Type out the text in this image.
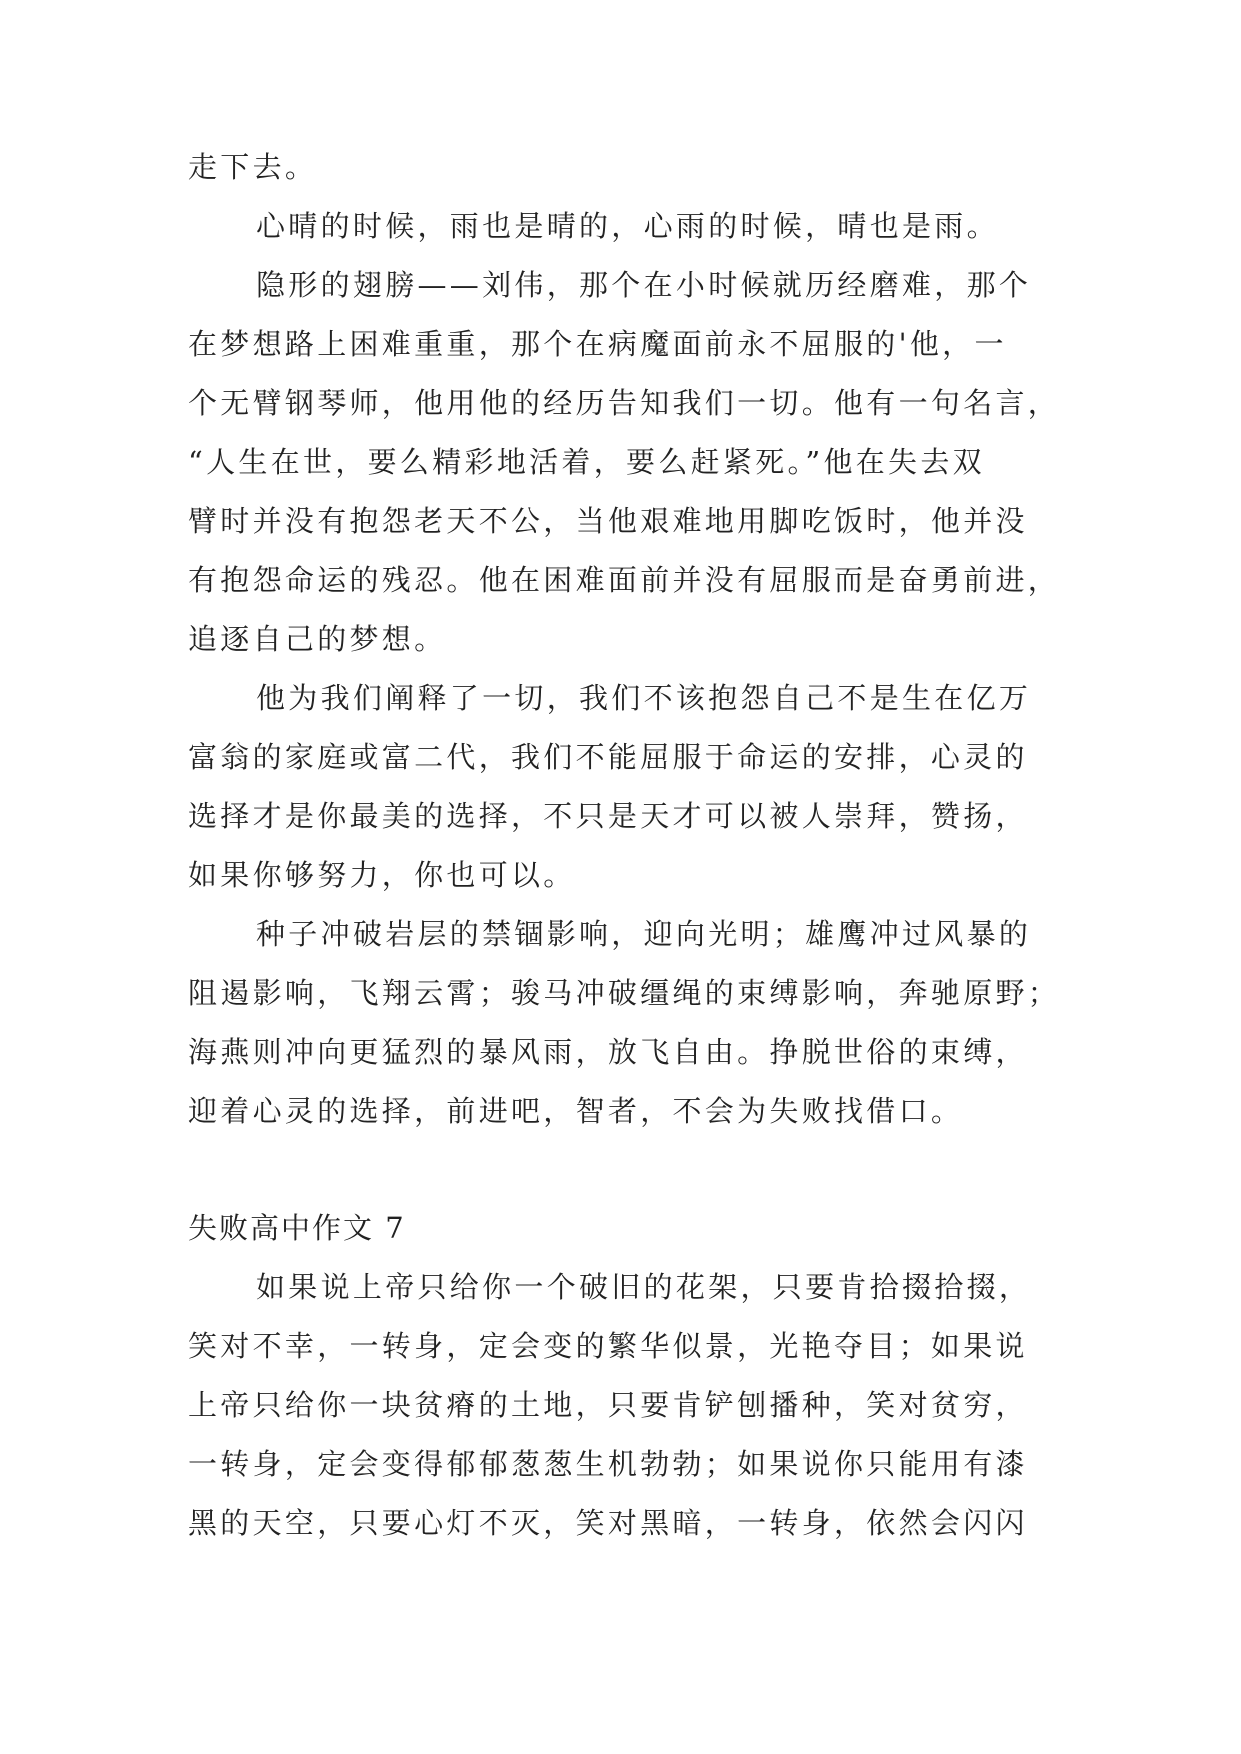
走下去。
心晴的时候，雨也是晴的，心雨的时候，晴也是雨。
隐形的翅膀——刘伟，那个在小时候就历经磨难，那个
在梦想路上困难重重，那个在病魔面前永不屈服的'他，一
个无臂钢琴师，他用他的经历告知我们一切。他有一句名言，
“人生在世，要么精彩地活着，要么赶紧死。”他在失去双
臂时并没有抱怨老天不公，当他艰难地用脚吃饭时，他并没
有抱怨命运的残忍。他在困难面前并没有屈服而是奋勇前进，
追逐自己的梦想。
他为我们阐释了一切，我们不该抱怨自己不是生在亿万
富翁的家庭或富二代，我们不能屈服于命运的安排，心灵的
选择才是你最美的选择，不只是天才可以被人崇拜，赞扬，
如果你够努力，你也可以。
种子冲破岩层的禁锢影响，迎向光明；雄鹰冲过风暴的
阻遏影响，飞翔云霄；骏马冲破缰绳的束缚影响，奔驰原野；
海燕则冲向更猛烈的暴风雨，放飞自由。挣脱世俗的束缚，
迎着心灵的选择，前进吧，智者，不会为失败找借口。
失败高中作文 7
如果说上帝只给你一个破旧的花架，只要肯拾掇拾掇，
笑对不幸，一转身，定会变的繁华似景，光艳夺目；如果说
上帝只给你一块贫瘠的土地，只要肯铲刨播种，笑对贫穷，
一转身，定会变得郁郁葱葱生机勃勃；如果说你只能用有漆
黑的天空，只要心灯不灭，笑对黑暗，一转身，依然会闪闪
